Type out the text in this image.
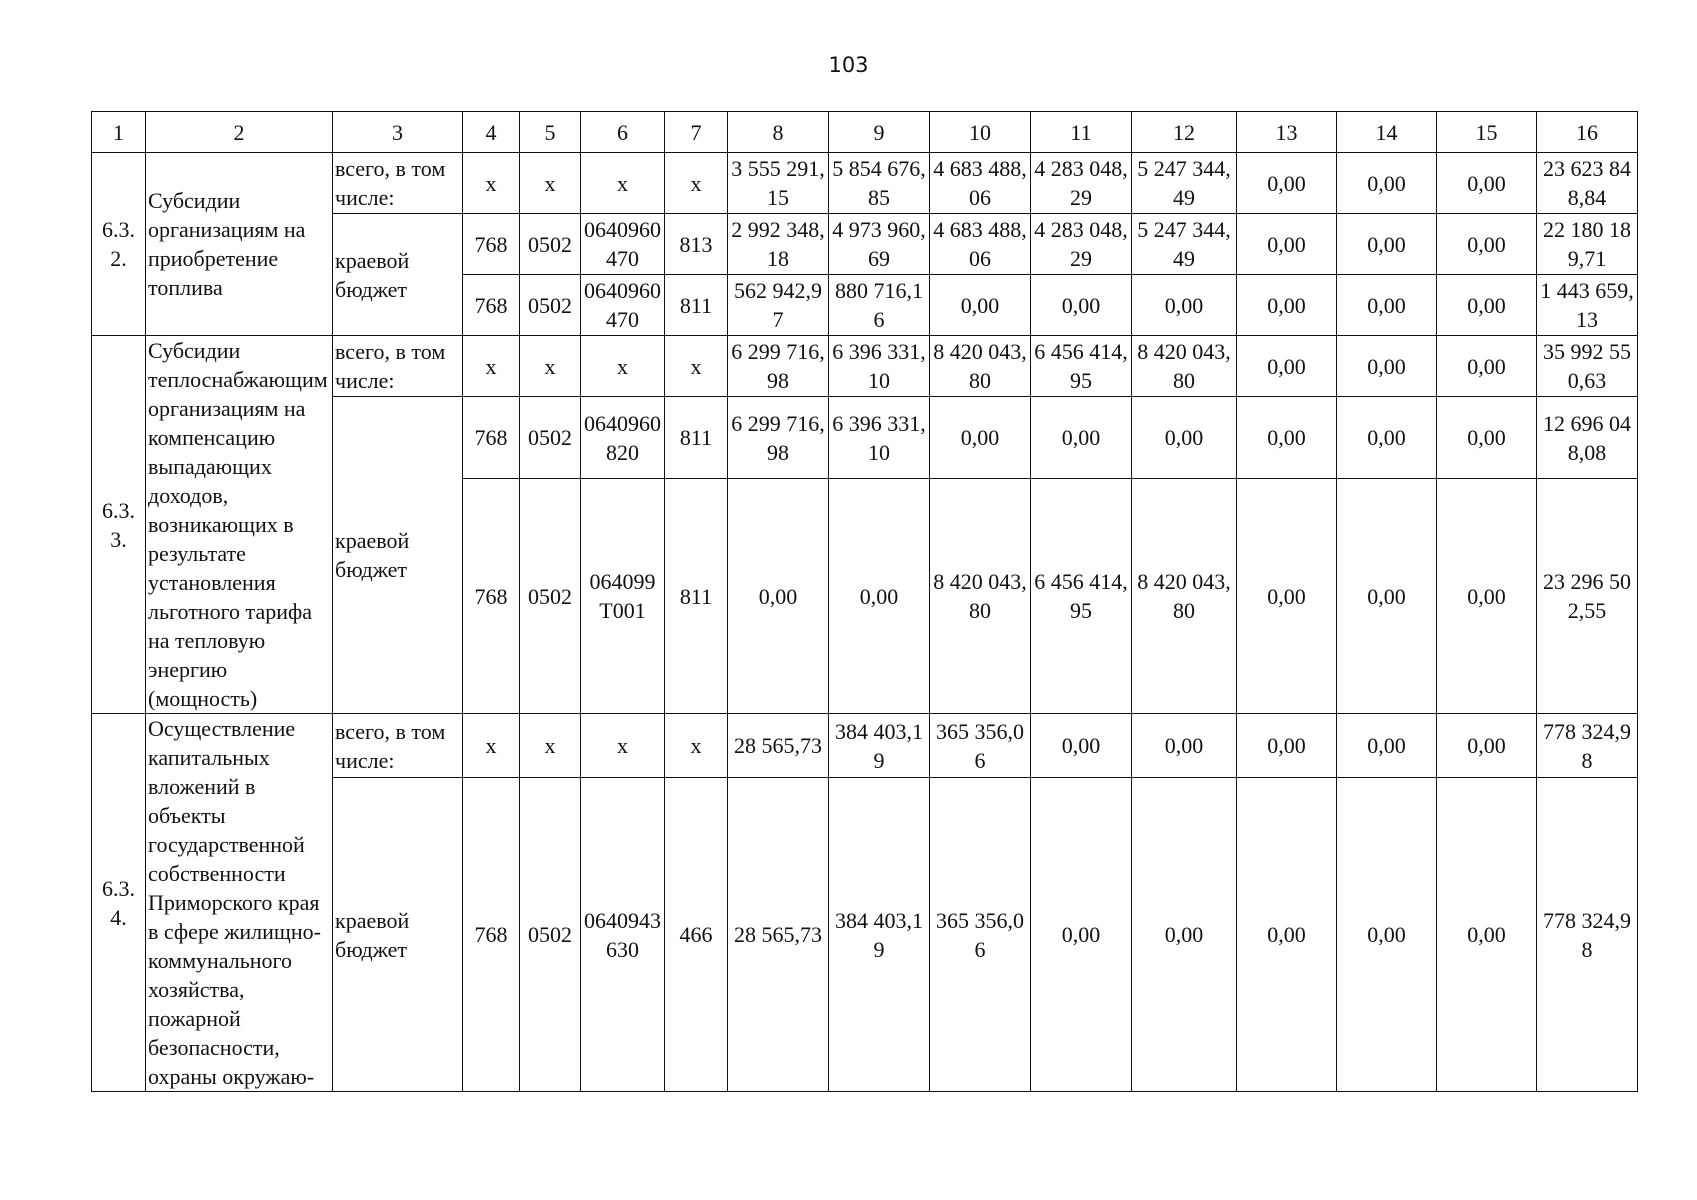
103
1	2	3	4	5	6	7	8	9	10	11	12	13	14	15	16
6.3.2.	Субсидии организациям на приобретение топлива	всего, в том числе:	x	x	x	x	3 555 291,15	5 854 676,85	4 683 488,06	4 283 048,29	5 247 344,49	0,00	0,00	0,00	23 623 848,84
		краевой бюджет	768	0502	0640960470	813	2 992 348,18	4 973 960,69	4 683 488,06	4 283 048,29	5 247 344,49	0,00	0,00	0,00	22 180 189,71
			768	0502	0640960470	811	562 942,97	880 716,16	0,00	0,00	0,00	0,00	0,00	0,00	1 443 659,13
6.3.3.	Субсидии теплоснабжающим организациям на компенсацию выпадающих доходов, возникающих в результате установления льготного тарифа на тепловую энергию (мощность)	всего, в том числе:	x	x	x	x	6 299 716,98	6 396 331,10	8 420 043,80	6 456 414,95	8 420 043,80	0,00	0,00	0,00	35 992 550,63
		краевой бюджет	768	0502	0640960820	811	6 299 716,98	6 396 331,10	0,00	0,00	0,00	0,00	0,00	0,00	12 696 048,08
			768	0502	064099Т001	811	0,00	0,00	8 420 043,80	6 456 414,95	8 420 043,80	0,00	0,00	0,00	23 296 502,55
6.3.4.	Осуществление капитальных вложений в объекты государственной собственности Приморского края в сфере жилищно-коммунального хозяйства, пожарной безопасности, охраны окружаю-	всего, в том числе:	x	x	x	x	28 565,73	384 403,19	365 356,06	0,00	0,00	0,00	0,00	0,00	778 324,98
		краевой бюджет	768	0502	0640943630	466	28 565,73	384 403,19	365 356,06	0,00	0,00	0,00	0,00	0,00	778 324,98
